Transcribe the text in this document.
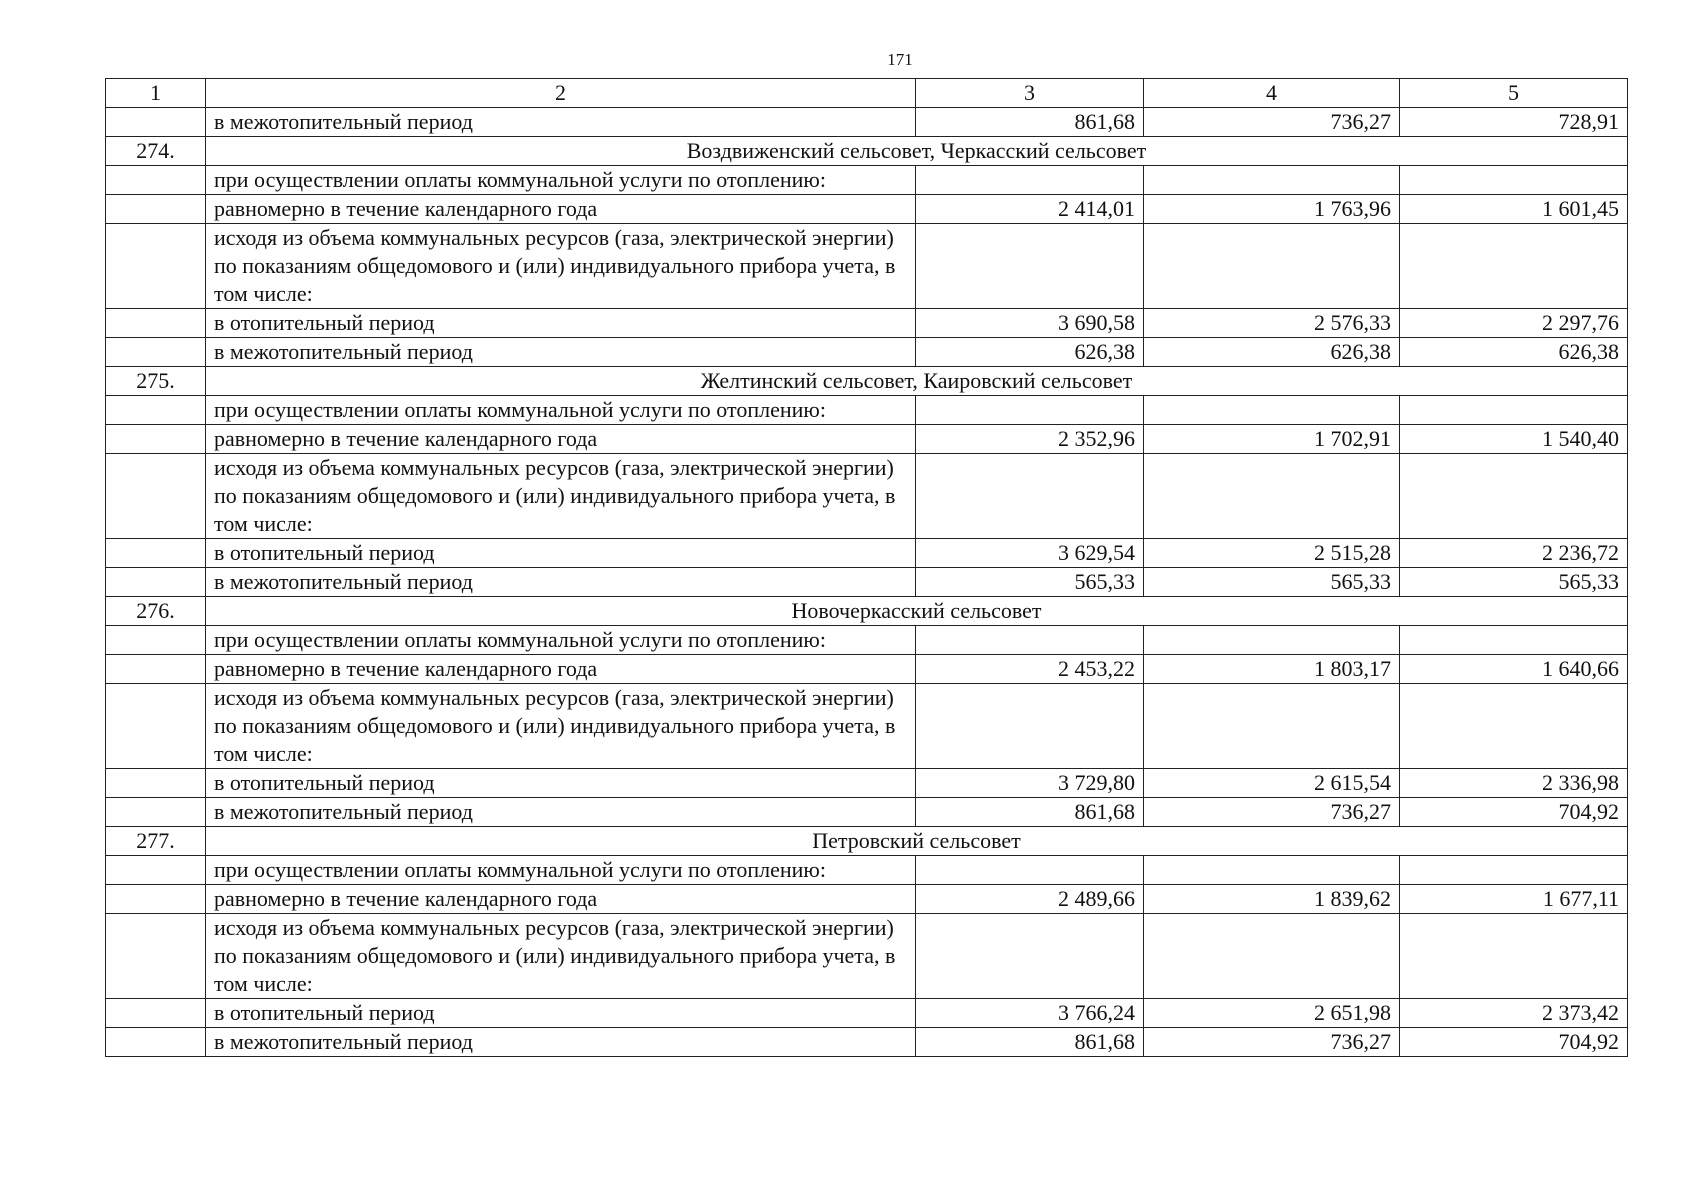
171
1	2	3	4	5
	в межотопительный период	861,68	736,27	728,91
274.	Воздвиженский сельсовет, Черкасский сельсовет			
	при осуществлении оплаты коммунальной услуги по отоплению:			
	равномерно в течение календарного года	2 414,01	1 763,96	1 601,45
	исходя из объема коммунальных ресурсов (газа, электрической энергии) по показаниям общедомового и (или) индивидуального прибора учета, в том числе:			
	в отопительный период	3 690,58	2 576,33	2 297,76
	в межотопительный период	626,38	626,38	626,38
275.	Желтинский сельсовет, Каировский сельсовет			
	при осуществлении оплаты коммунальной услуги по отоплению:			
	равномерно в течение календарного года	2 352,96	1 702,91	1 540,40
	исходя из объема коммунальных ресурсов (газа, электрической энергии) по показаниям общедомового и (или) индивидуального прибора учета, в том числе:			
	в отопительный период	3 629,54	2 515,28	2 236,72
	в межотопительный период	565,33	565,33	565,33
276.	Новочеркасский сельсовет			
	при осуществлении оплаты коммунальной услуги по отоплению:			
	равномерно в течение календарного года	2 453,22	1 803,17	1 640,66
	исходя из объема коммунальных ресурсов (газа, электрической энергии) по показаниям общедомового и (или) индивидуального прибора учета, в том числе:			
	в отопительный период	3 729,80	2 615,54	2 336,98
	в межотопительный период	861,68	736,27	704,92
277.	Петровский сельсовет			
	при осуществлении оплаты коммунальной услуги по отоплению:			
	равномерно в течение календарного года	2 489,66	1 839,62	1 677,11
	исходя из объема коммунальных ресурсов (газа, электрической энергии) по показаниям общедомового и (или) индивидуального прибора учета, в том числе:			
	в отопительный период	3 766,24	2 651,98	2 373,42
	в межотопительный период	861,68	736,27	704,92
